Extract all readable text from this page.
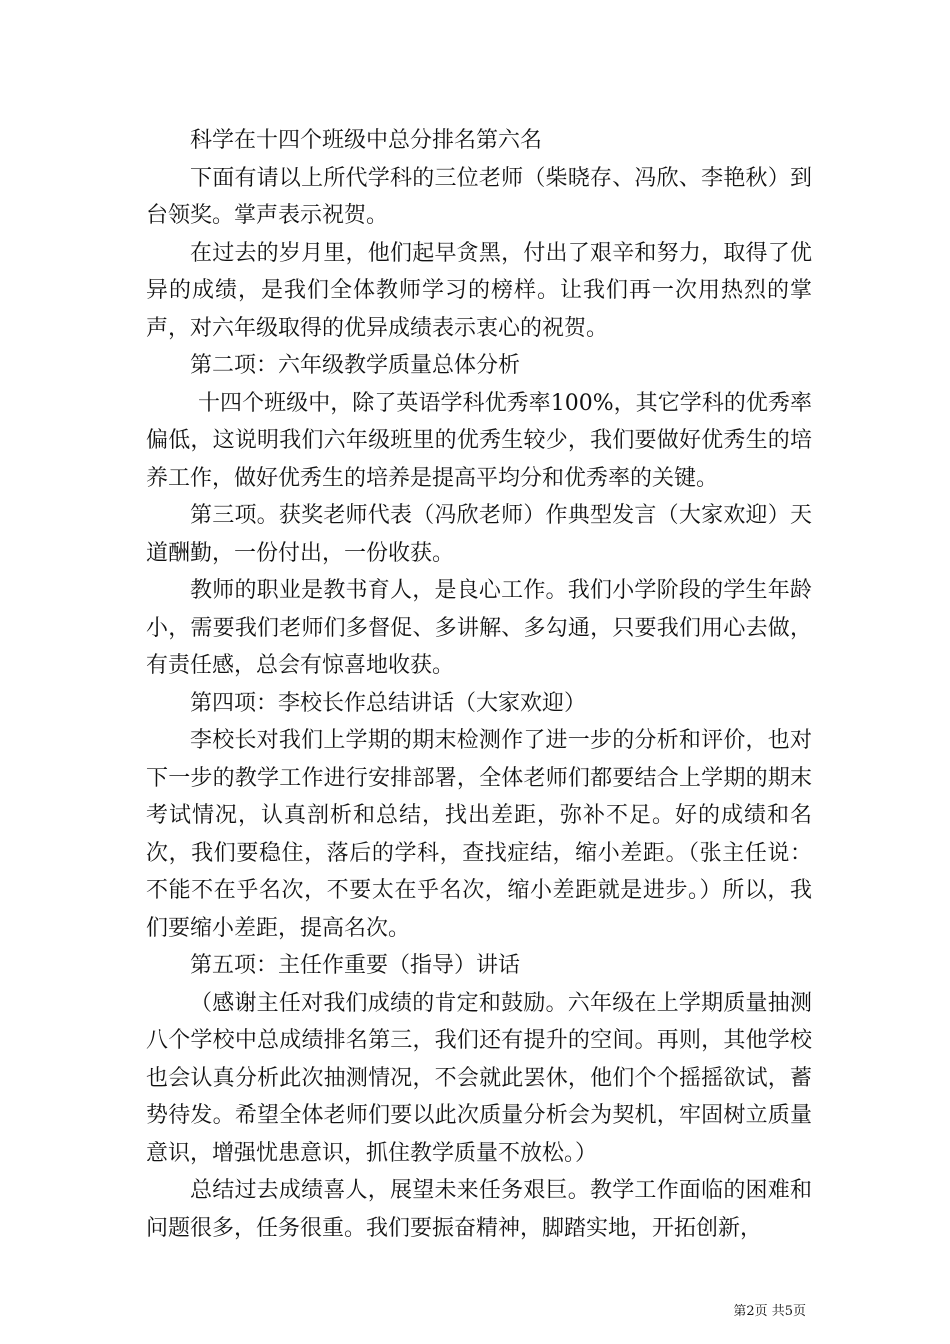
科学在十四个班级中总分排名第六名

下面有请以上所代学科的三位老师（柴晓存、冯欣、李艳秋）到台领奖。掌声表示祝贺。

在过去的岁月里，他们起早贪黑，付出了艰辛和努力，取得了优异的成绩，是我们全体教师学习的榜样。让我们再一次用热烈的掌声，对六年级取得的优异成绩表示衷心的祝贺。

第二项：六年级教学质量总体分析

十四个班级中，除了英语学科优秀率100%，其它学科的优秀率偏低，这说明我们六年级班里的优秀生较少，我们要做好优秀生的培养工作，做好优秀生的培养是提高平均分和优秀率的关键。

第三项。获奖老师代表（冯欣老师）作典型发言（大家欢迎）天道酬勤，一份付出，一份收获。

教师的职业是教书育人，是良心工作。我们小学阶段的学生年龄小，需要我们老师们多督促、多讲解、多勾通，只要我们用心去做，有责任感，总会有惊喜地收获。

第四项：李校长作总结讲话（大家欢迎）

李校长对我们上学期的期末检测作了进一步的分析和评价，也对下一步的教学工作进行安排部署，全体老师们都要结合上学期的期末考试情况，认真剖析和总结，找出差距，弥补不足。好的成绩和名次，我们要稳住，落后的学科，查找症结，缩小差距。（张主任说：不能不在乎名次，不要太在乎名次，缩小差距就是进步。）所以，我们要缩小差距，提高名次。

第五项：主任作重要（指导）讲话

（感谢主任对我们成绩的肯定和鼓励。六年级在上学期质量抽测八个学校中总成绩排名第三，我们还有提升的空间。再则，其他学校也会认真分析此次抽测情况，不会就此罢休，他们个个摇摇欲试，蓄势待发。希望全体老师们要以此次质量分析会为契机，牢固树立质量意识，增强忧患意识，抓住教学质量不放松。）

总结过去成绩喜人，展望未来任务艰巨。教学工作面临的困难和问题很多，任务很重。我们要振奋精神，脚踏实地，开拓创新，

第2页 共5页
